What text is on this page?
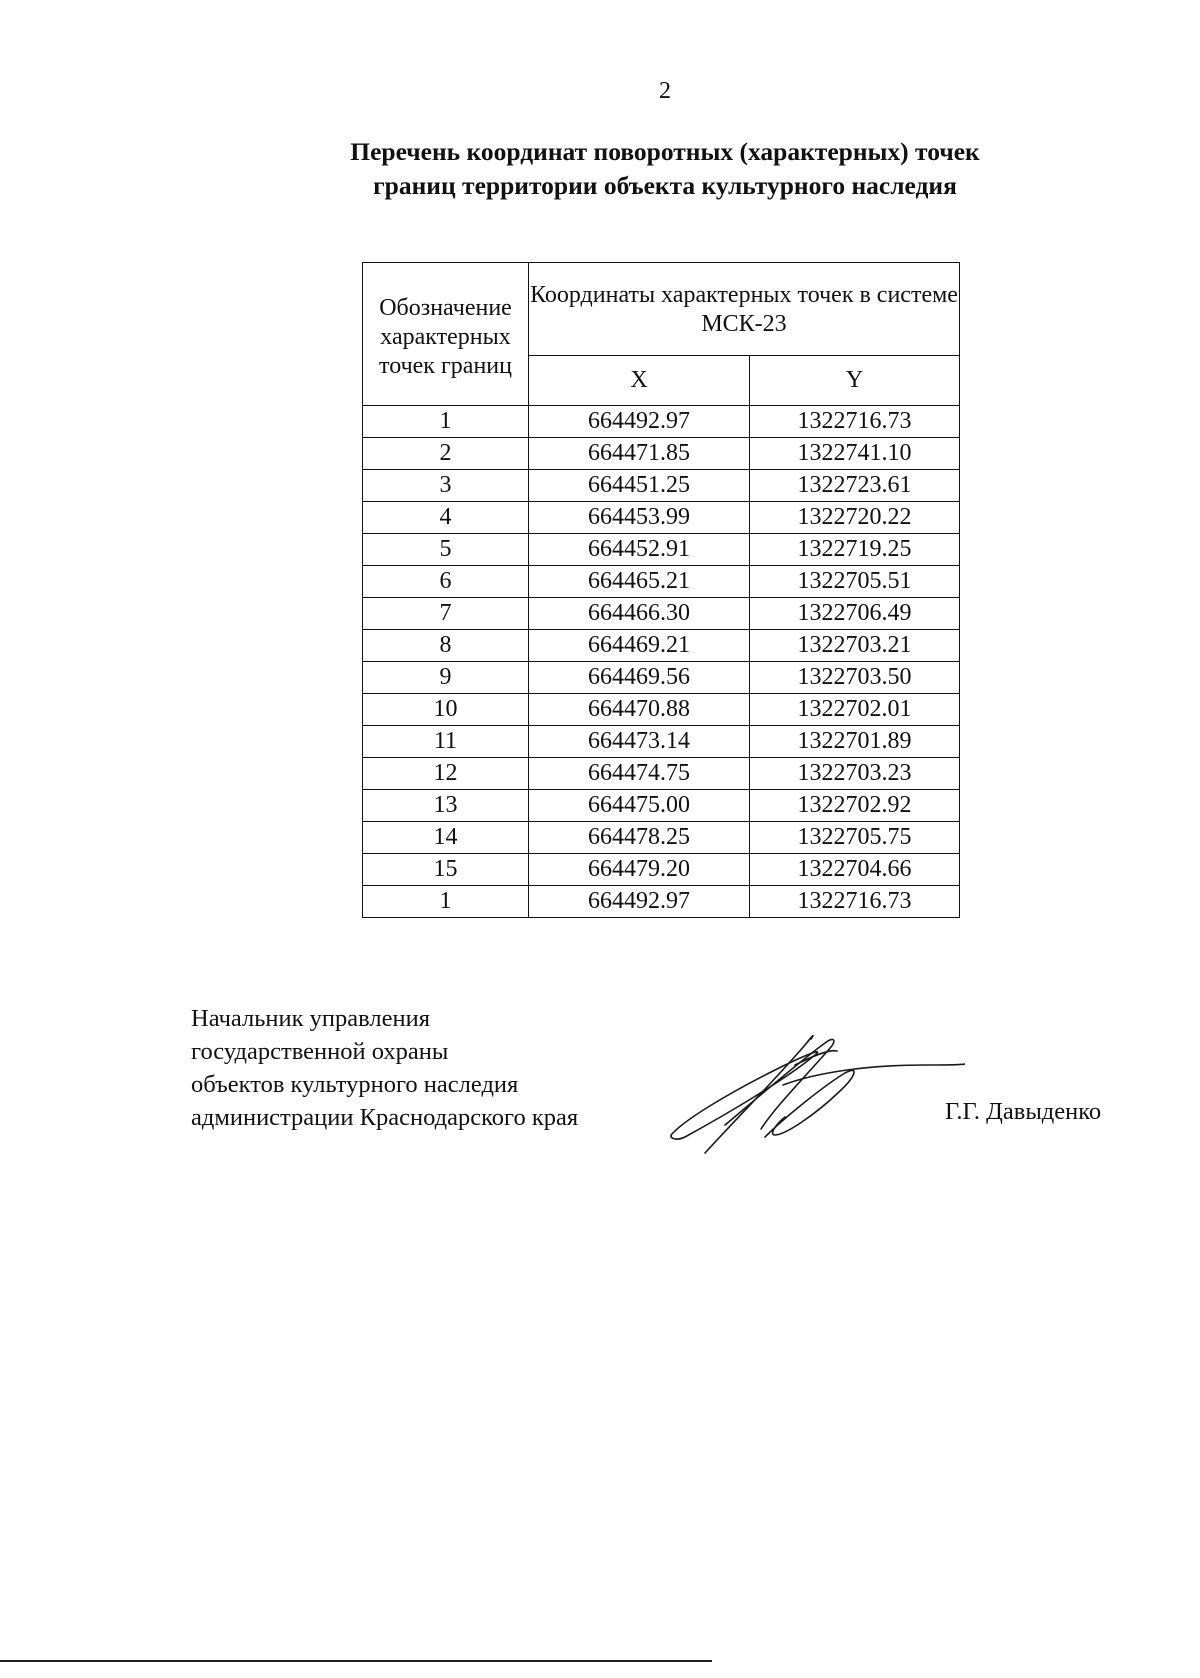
2
Перечень координат поворотных (характерных) точек
границ территории объекта культурного наследия
Обозначение характерных точек границ	Координаты характерных точек в системе МСК-23	
	X	Y
1	664492.97	1322716.73
2	664471.85	1322741.10
3	664451.25	1322723.61
4	664453.99	1322720.22
5	664452.91	1322719.25
6	664465.21	1322705.51
7	664466.30	1322706.49
8	664469.21	1322703.21
9	664469.56	1322703.50
10	664470.88	1322702.01
11	664473.14	1322701.89
12	664474.75	1322703.23
13	664475.00	1322702.92
14	664478.25	1322705.75
15	664479.20	1322704.66
1	664492.97	1322716.73
Начальник управления
государственной охраны
объектов культурного наследия
администрации Краснодарского края	Г.Г. Давыденко
